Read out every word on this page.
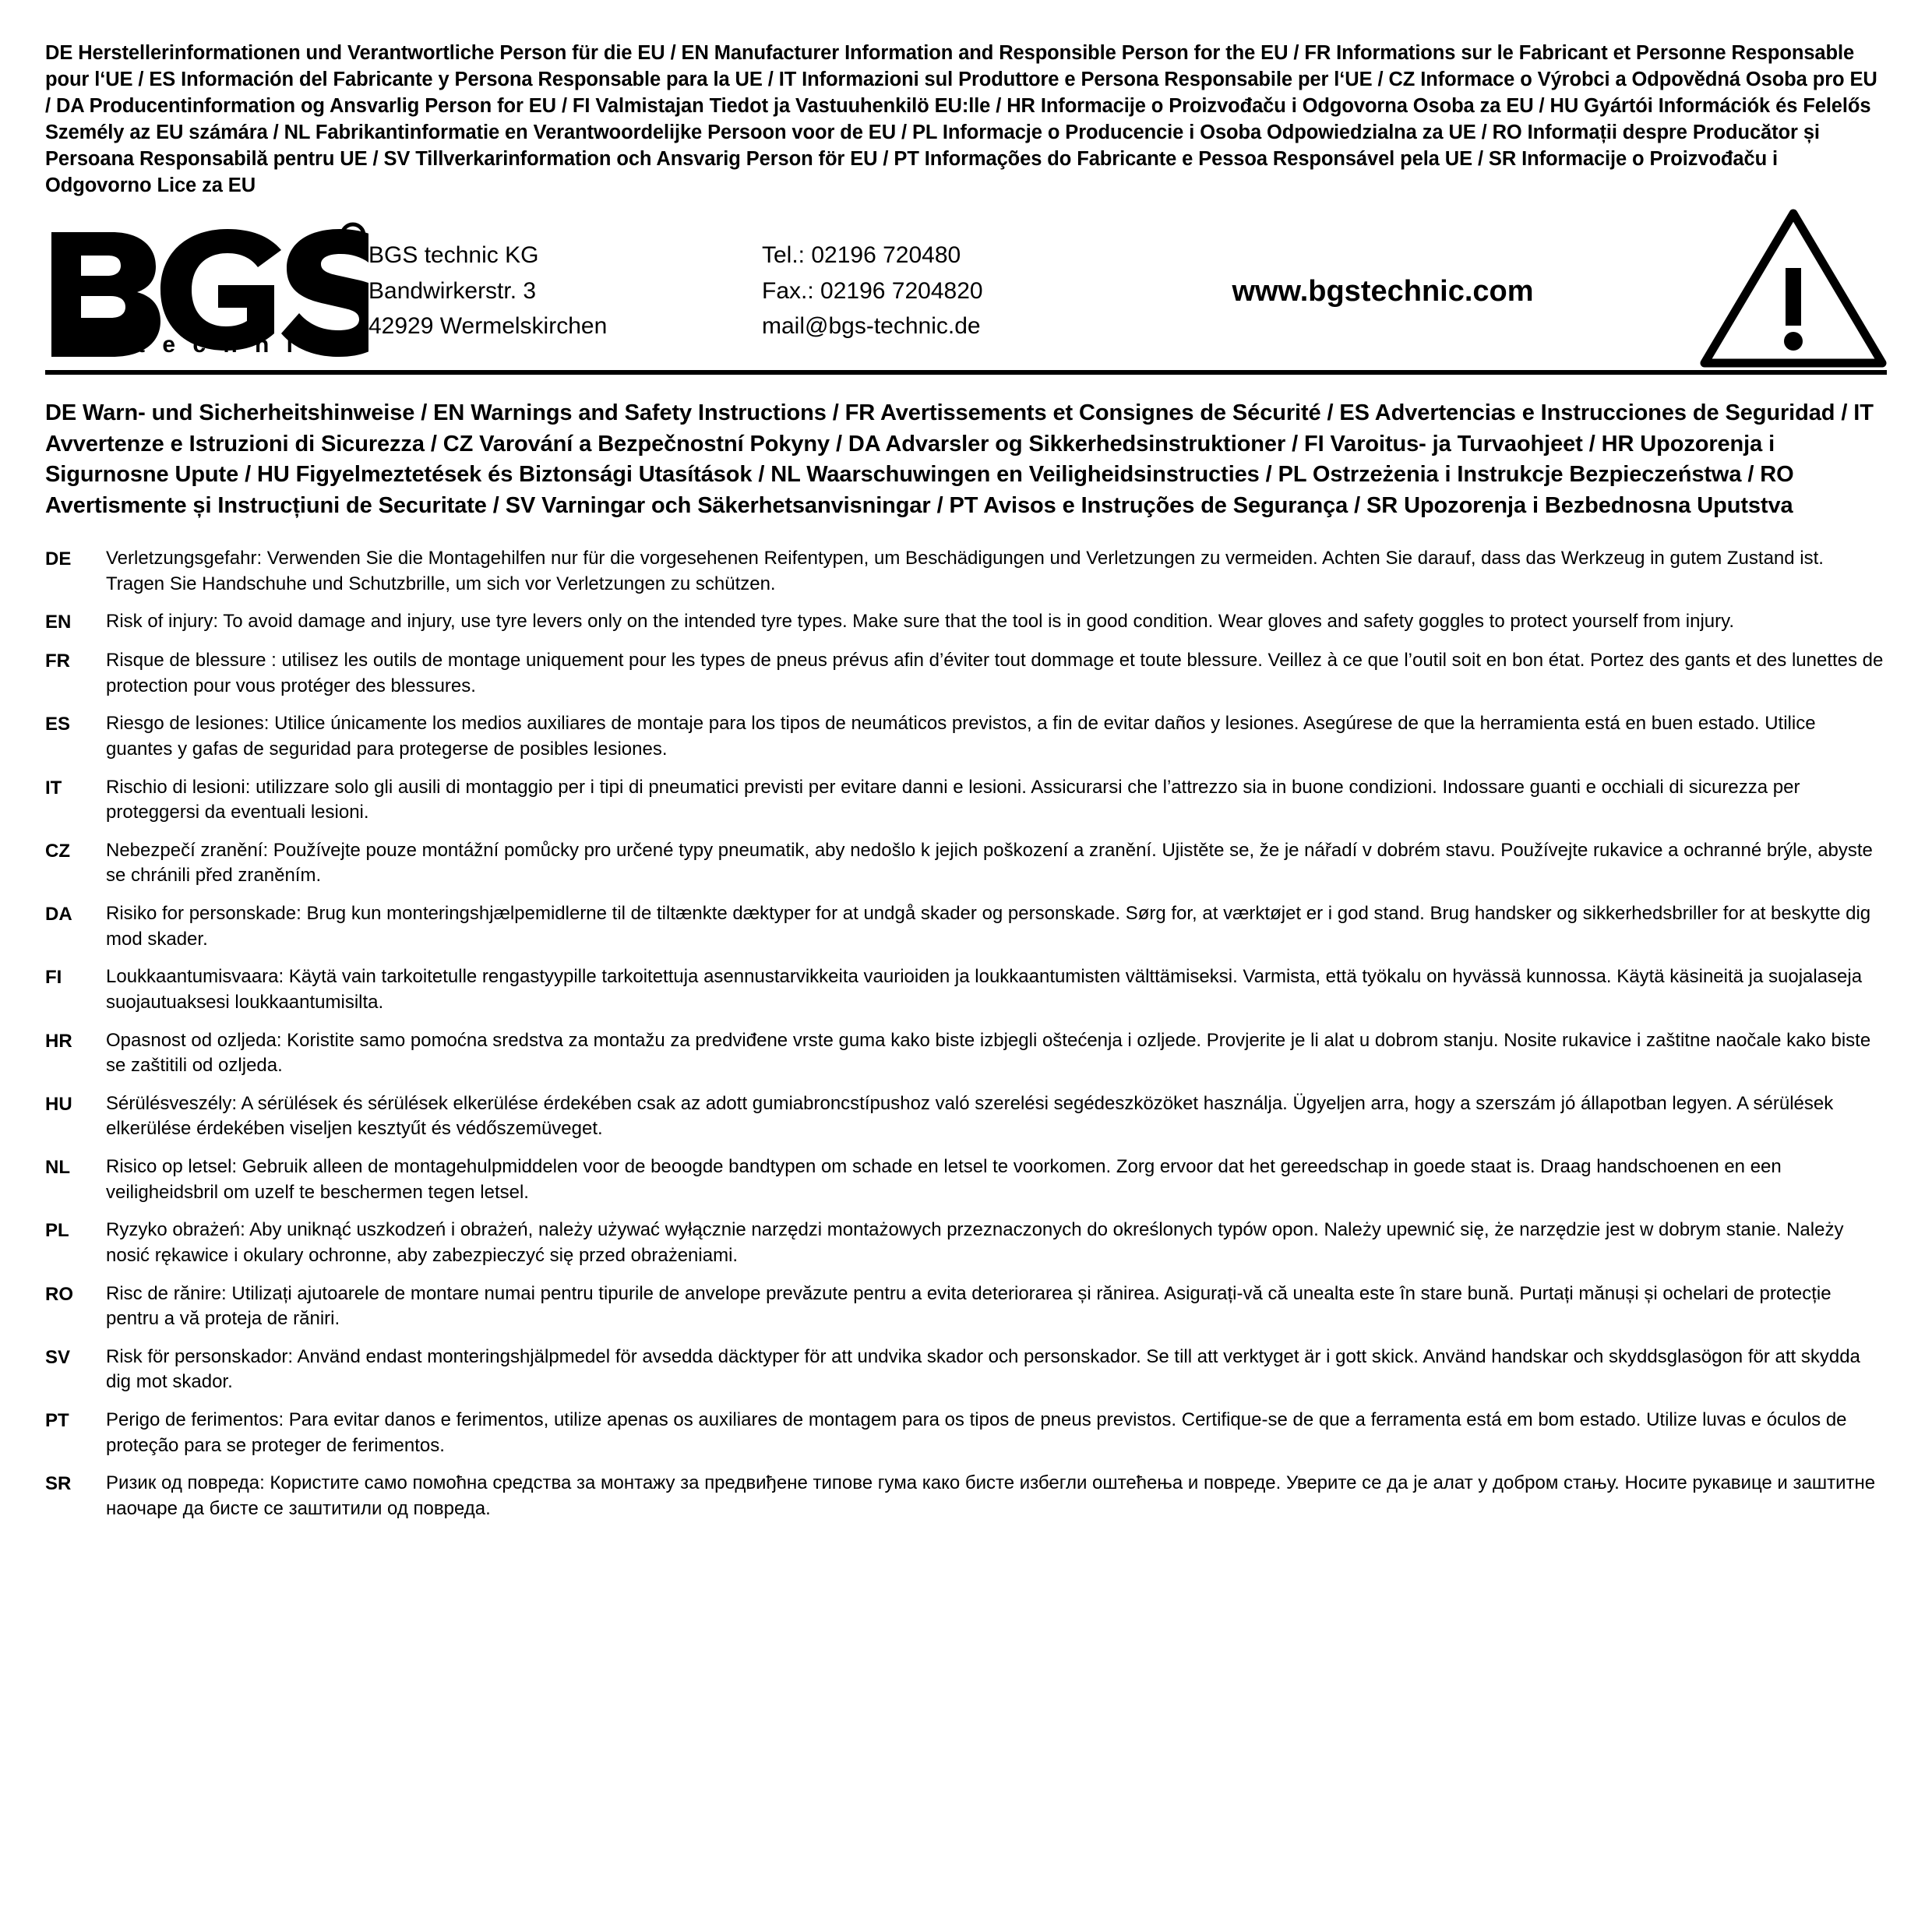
DE Herstellerinformationen und Verantwortliche Person für die EU / EN Manufacturer Information and Responsible Person for the EU / FR Informations sur le Fabricant et Personne Responsable pour l‘UE / ES Información del Fabricante y Persona Responsable para la UE / IT Informazioni sul Produttore e Persona Responsabile per l‘UE / CZ Informace o Výrobci a Odpovědná Osoba pro EU / DA Producentinformation og Ansvarlig Person for EU / FI Valmistajan Tiedot ja Vastuuhenkilö EU:lle / HR Informacije o Proizvođaču i Odgovorna Osoba za EU / HU Gyártói Információk és Felelős Személy az EU számára / NL Fabrikantinformatie en Verantwoordelijke Persoon voor de EU / PL Informacje o Producencie i Osoba Odpowiedzialna za UE / RO Informații despre Producător și Persoana Responsabilă pentru UE / SV Tillverkarinformation och Ansvarig Person för EU / PT Informações do Fabricante e Pessoa Responsável pela UE / SR Informacije o Proizvođaču i Odgovorno Lice za EU
R
t e c h n i c
BGS technic KG
Bandwirkerstr. 3
42929 Wermelskirchen
Tel.: 02196 720480
Fax.: 02196 7204820
mail@bgs-technic.de
www.bgstechnic.com
DE Warn- und Sicherheitshinweise / EN Warnings and Safety Instructions / FR Avertissements et Consignes de Sécurité / ES Advertencias e Instrucciones de Seguridad / IT Avvertenze e Istruzioni di Sicurezza / CZ Varování a Bezpečnostní Pokyny / DA Advarsler og Sikkerhedsinstruktioner / FI Varoitus- ja Turvaohjeet / HR Upozorenja i Sigurnosne Upute / HU Figyelmeztetések és Biztonsági Utasítások / NL Waarschuwingen en Veiligheidsinstructies / PL Ostrzeżenia i Instrukcje Bezpieczeństwa / RO Avertismente și Instrucțiuni de Securitate / SV Varningar och Säkerhetsanvisningar / PT Avisos e Instruções de Segurança / SR Upozorenja i Bezbednosna Uputstva
DE	Verletzungsgefahr: Verwenden Sie die Montagehilfen nur für die vorgesehenen Reifentypen, um Beschädigungen und Verletzungen zu vermeiden. Achten Sie darauf, dass das Werkzeug in gutem Zustand ist. Tragen Sie Handschuhe und Schutzbrille, um sich vor Verletzungen zu schützen.
EN	Risk of injury: To avoid damage and injury, use tyre levers only on the intended tyre types. Make sure that the tool is in good condition. Wear gloves and safety goggles to protect yourself from injury.
FR	Risque de blessure : utilisez les outils de montage uniquement pour les types de pneus prévus afin d’éviter tout dommage et toute blessure. Veillez à ce que l’outil soit en bon état. Portez des gants et des lunettes de protection pour vous protéger des blessures.
ES	Riesgo de lesiones: Utilice únicamente los medios auxiliares de montaje para los tipos de neumáticos previstos, a fin de evitar daños y lesiones. Asegúrese de que la herramienta está en buen estado. Utilice guantes y gafas de seguridad para protegerse de posibles lesiones.
IT	Rischio di lesioni: utilizzare solo gli ausili di montaggio per i tipi di pneumatici previsti per evitare danni e lesioni. Assicurarsi che l’attrezzo sia in buone condizioni. Indossare guanti e occhiali di sicurezza per proteggersi da eventuali lesioni.
CZ	Nebezpečí zranění: Používejte pouze montážní pomůcky pro určené typy pneumatik, aby nedošlo k jejich poškození a zranění. Ujistěte se, že je nářadí v dobrém stavu. Používejte rukavice a ochranné brýle, abyste se chránili před zraněním.
DA	Risiko for personskade: Brug kun monteringshjælpemidlerne til de tiltænkte dæktyper for at undgå skader og personskade. Sørg for, at værktøjet er i god stand. Brug handsker og sikkerhedsbriller for at beskytte dig mod skader.
FI	Loukkaantumisvaara: Käytä vain tarkoitetulle rengastyypille tarkoitettuja asennustarvikkeita vaurioiden ja loukkaantumisten välttämiseksi. Varmista, että työkalu on hyvässä kunnossa. Käytä käsineitä ja suojalaseja suojautuaksesi loukkaantumisilta.
HR	Opasnost od ozljeda: Koristite samo pomoćna sredstva za montažu za predviđene vrste guma kako biste izbjegli oštećenja i ozljede. Provjerite je li alat u dobrom stanju. Nosite rukavice i zaštitne naočale kako biste se zaštitili od ozljeda.
HU	Sérülésveszély: A sérülések és sérülések elkerülése érdekében csak az adott gumiabroncstípushoz való szerelési segédeszközöket használja. Ügyeljen arra, hogy a szerszám jó állapotban legyen. A sérülések elkerülése érdekében viseljen kesztyűt és védőszemüveget.
NL	Risico op letsel: Gebruik alleen de montagehulpmiddelen voor de beoogde bandtypen om schade en letsel te voorkomen. Zorg ervoor dat het gereedschap in goede staat is. Draag handschoenen en een veiligheidsbril om uzelf te beschermen tegen letsel.
PL	Ryzyko obrażeń: Aby uniknąć uszkodzeń i obrażeń, należy używać wyłącznie narzędzi montażowych przeznaczonych do określonych typów opon. Należy upewnić się, że narzędzie jest w dobrym stanie. Należy nosić rękawice i okulary ochronne, aby zabezpieczyć się przed obrażeniami.
RO	Risc de rănire: Utilizați ajutoarele de montare numai pentru tipurile de anvelope prevăzute pentru a evita deteriorarea și rănirea. Asigurați-vă că unealta este în stare bună. Purtați mănuși și ochelari de protecție pentru a vă proteja de răniri.
SV	Risk för personskador: Använd endast monteringshjälpmedel för avsedda däcktyper för att undvika skador och personskador. Se till att verktyget är i gott skick. Använd handskar och skyddsglasögon för att skydda dig mot skador.
PT	Perigo de ferimentos: Para evitar danos e ferimentos, utilize apenas os auxiliares de montagem para os tipos de pneus previstos. Certifique-se de que a ferramenta está em bom estado. Utilize luvas e óculos de proteção para se proteger de ferimentos.
SR	Ризик од повреда: Користите само помоћна средства за монтажу за предвиђене типове гума како бисте избегли оштећења и повреде. Уверите се да је алат у добром стању. Носите рукавице и заштитне наочаре да бисте се заштитили од повреда.
